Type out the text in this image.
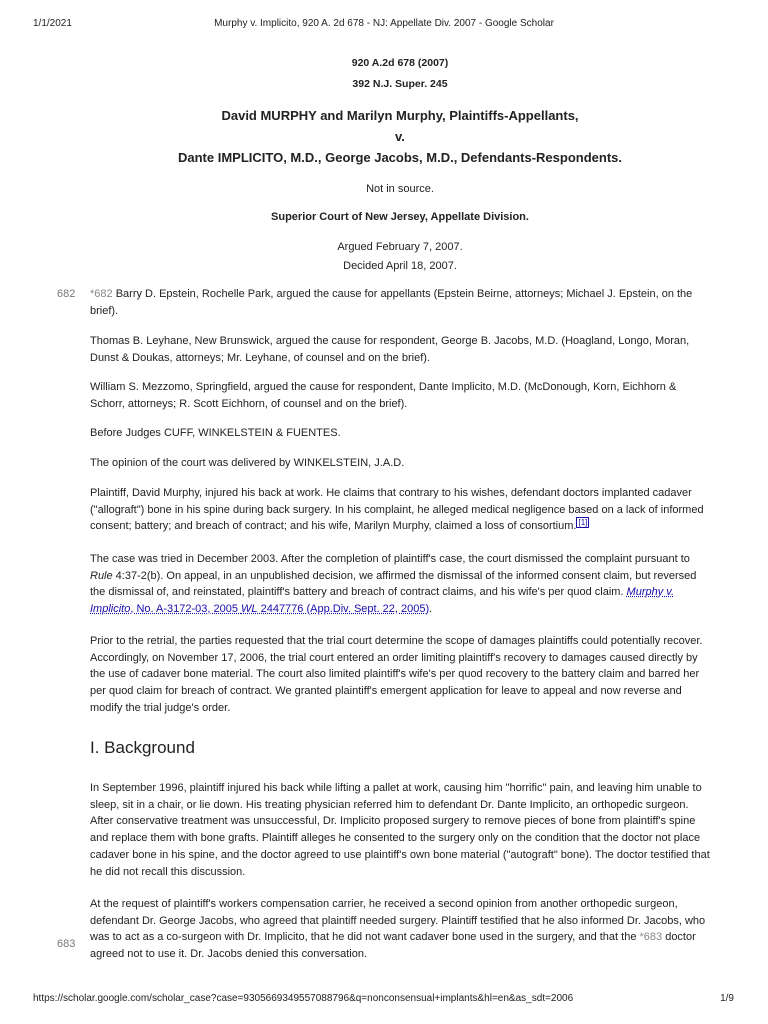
1/1/2021	Murphy v. Implicito, 920 A. 2d 678 - NJ: Appellate Div. 2007 - Google Scholar
920 A.2d 678 (2007)
392 N.J. Super. 245
David MURPHY and Marilyn Murphy, Plaintiffs-Appellants,
v.
Dante IMPLICITO, M.D., George Jacobs, M.D., Defendants-Respondents.
Not in source.
Superior Court of New Jersey, Appellate Division.
Argued February 7, 2007.
Decided April 18, 2007.
682
683

*682 Barry D. Epstein, Rochelle Park, argued the cause for appellants (Epstein Beirne, attorneys; Michael J. Epstein, on the brief).

Thomas B. Leyhane, New Brunswick, argued the cause for respondent, George B. Jacobs, M.D. (Hoagland, Longo, Moran, Dunst & Doukas, attorneys; Mr. Leyhane, of counsel and on the brief).

William S. Mezzomo, Springfield, argued the cause for respondent, Dante Implicito, M.D. (McDonough, Korn, Eichhorn & Schorr, attorneys; R. Scott Eichhorn, of counsel and on the brief).

Before Judges CUFF, WINKELSTEIN & FUENTES.

The opinion of the court was delivered by WINKELSTEIN, J.A.D.

Plaintiff, David Murphy, injured his back at work. He claims that contrary to his wishes, defendant doctors implanted cadaver ("allograft") bone in his spine during back surgery. In his complaint, he alleged medical negligence based on a lack of informed consent; battery; and breach of contract; and his wife, Marilyn Murphy, claimed a loss of consortium. [1]

The case was tried in December 2003. After the completion of plaintiff's case, the court dismissed the complaint pursuant to Rule 4:37-2(b). On appeal, in an unpublished decision, we affirmed the dismissal of the informed consent claim, but reversed the dismissal of, and reinstated, plaintiff's battery and breach of contract claims, and his wife's per quod claim. Murphy v. Implicito, No. A-3172-03, 2005 WL 2447776 (App.Div. Sept. 22, 2005).

Prior to the retrial, the parties requested that the trial court determine the scope of damages plaintiffs could potentially recover. Accordingly, on November 17, 2006, the trial court entered an order limiting plaintiff's recovery to damages caused directly by the use of cadaver bone material. The court also limited plaintiff's wife's per quod recovery to the battery claim and barred her per quod claim for breach of contract. We granted plaintiff's emergent application for leave to appeal and now reverse and modify the trial judge's order.

I. Background

In September 1996, plaintiff injured his back while lifting a pallet at work, causing him "horrific" pain, and leaving him unable to sleep, sit in a chair, or lie down. His treating physician referred him to defendant Dr. Dante Implicito, an orthopedic surgeon. After conservative treatment was unsuccessful, Dr. Implicito proposed surgery to remove pieces of bone from plaintiff's spine and replace them with bone grafts. Plaintiff alleges he consented to the surgery only on the condition that the doctor not place cadaver bone in his spine, and the doctor agreed to use plaintiff's own bone material ("autograft" bone). The doctor testified that he did not recall this discussion.

At the request of plaintiff's workers compensation carrier, he received a second opinion from another orthopedic surgeon, defendant Dr. George Jacobs, who agreed that plaintiff needed surgery. Plaintiff testified that he also informed Dr. Jacobs, who was to act as a co-surgeon with Dr. Implicito, that he did not want cadaver bone used in the surgery, and that the *683 doctor agreed not to use it. Dr. Jacobs denied this conversation.

https://scholar.google.com/scholar_case?case=9305669349557088796&q=nonconsensual+implants&hl=en&as_sdt=2006	1/9
